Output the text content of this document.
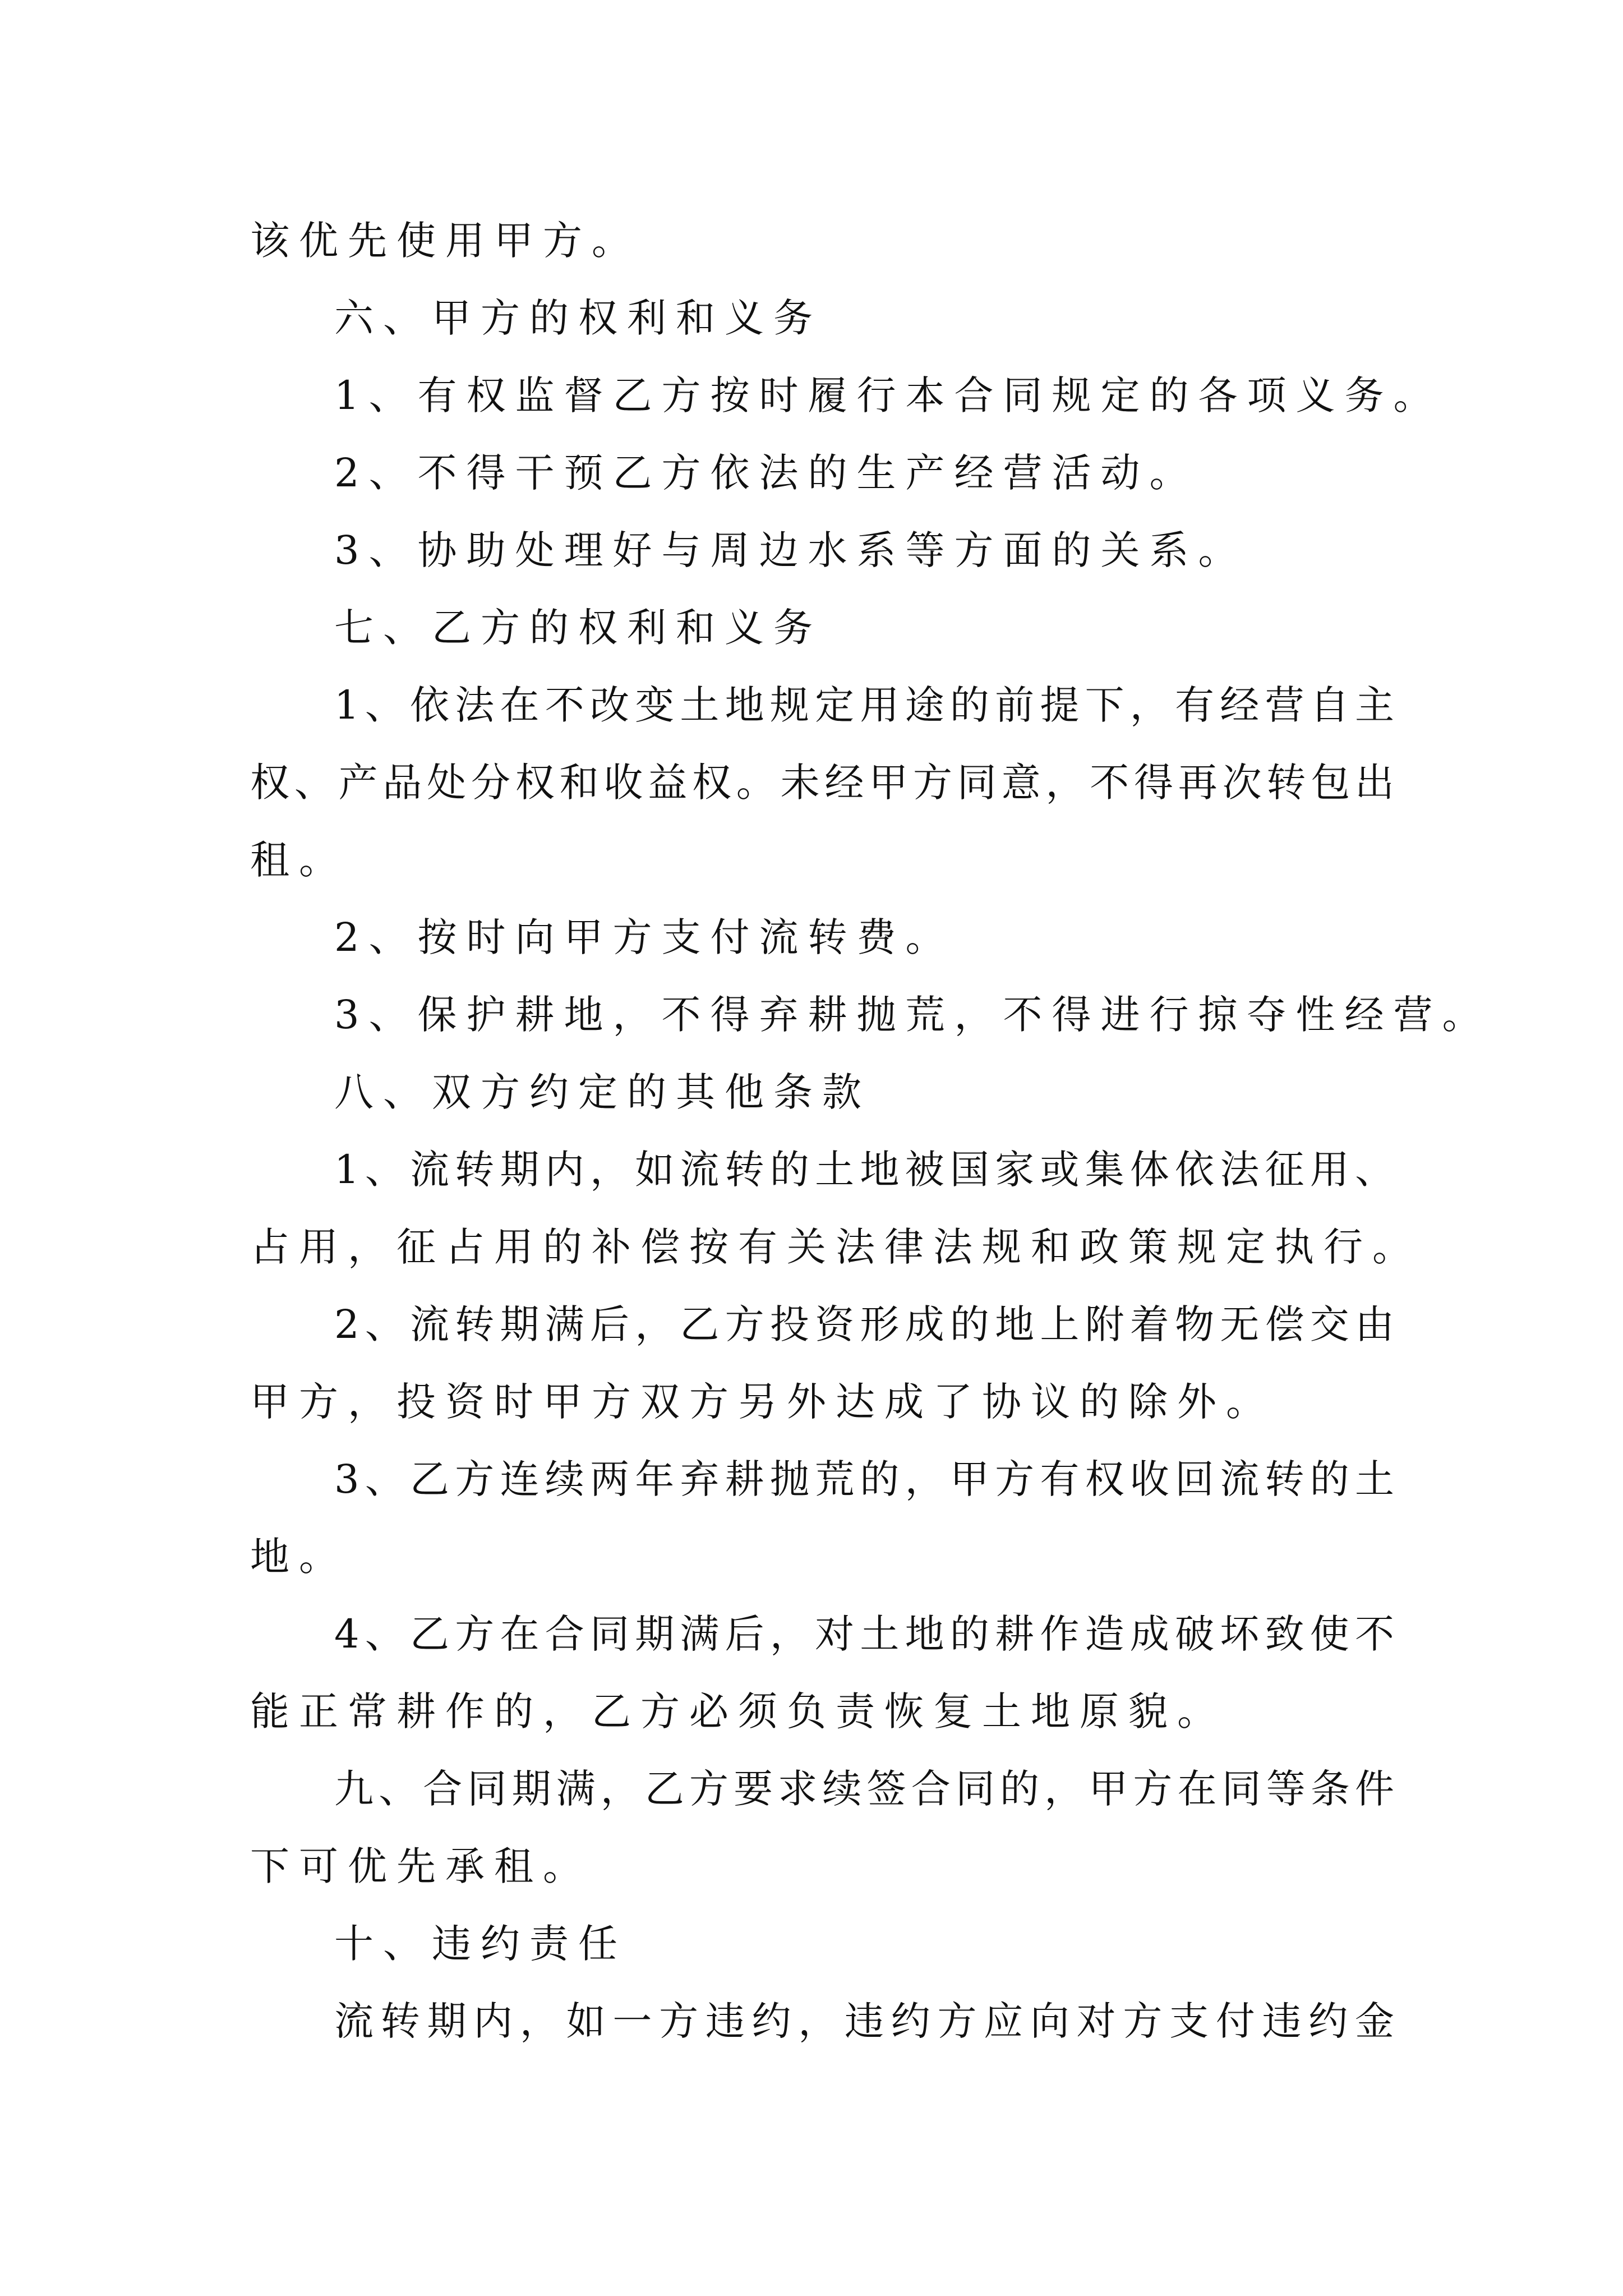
该优先使用甲方。
六、甲方的权利和义务
1、有权监督乙方按时履行本合同规定的各项义务。
2、不得干预乙方依法的生产经营活动。
3、协助处理好与周边水系等方面的关系。
七、乙方的权利和义务
1、依法在不改变土地规定用途的前提下，有经营自主
权、产品处分权和收益权。未经甲方同意，不得再次转包出
租。
2、按时向甲方支付流转费。
3、保护耕地，不得弃耕抛荒，不得进行掠夺性经营。
八、双方约定的其他条款
1、流转期内，如流转的土地被国家或集体依法征用、
占用，征占用的补偿按有关法律法规和政策规定执行。
2、流转期满后，乙方投资形成的地上附着物无偿交由
甲方，投资时甲方双方另外达成了协议的除外。
3、乙方连续两年弃耕抛荒的，甲方有权收回流转的土
地。
4、乙方在合同期满后，对土地的耕作造成破坏致使不
能正常耕作的，乙方必须负责恢复土地原貌。
九、合同期满，乙方要求续签合同的，甲方在同等条件
下可优先承租。
十、违约责任
流转期内，如一方违约，违约方应向对方支付违约金
